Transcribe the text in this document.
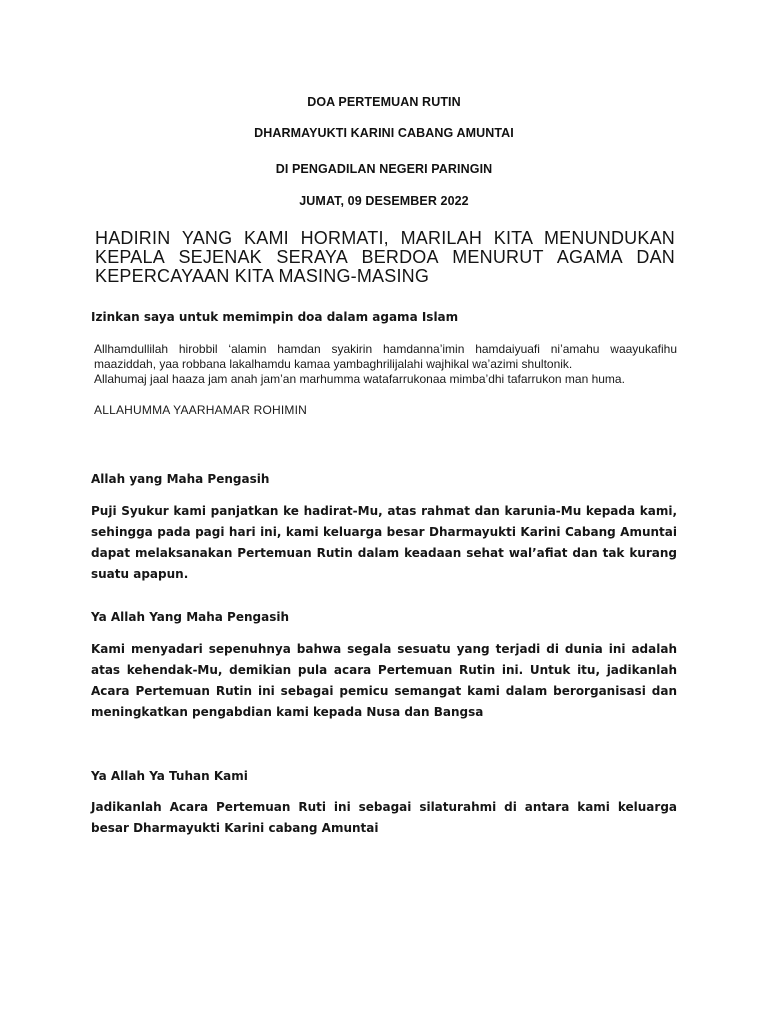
DOA PERTEMUAN RUTIN
DHARMAYUKTI KARINI CABANG AMUNTAI
DI PENGADILAN NEGERI PARINGIN
JUMAT, 09 DESEMBER 2022
HADIRIN YANG KAMI HORMATI, MARILAH KITA MENUNDUKAN KEPALA SEJENAK SERAYA BERDOA MENURUT AGAMA DAN KEPERCAYAAN KITA MASING-MASING
Izinkan saya untuk memimpin doa dalam agama Islam
Allhamdullilah hirobbil ‘alamin hamdan syakirin hamdanna’imin hamdaiyuafi ni’amahu waayukafihu maaziddah, yaa robbana lakalhamdu kamaa yambaghrilijalahi wajhikal wa’azimi shultonik.
Allahumaj jaal haaza jam anah jam’an marhumma watafarrukonaa mimba’dhi tafarrukon man huma.
ALLAHUMMA YAARHAMAR ROHIMIN
Allah yang Maha Pengasih
Puji Syukur kami panjatkan ke hadirat-Mu, atas rahmat dan karunia-Mu kepada kami, sehingga pada pagi hari ini, kami keluarga besar Dharmayukti Karini Cabang Amuntai dapat melaksanakan Pertemuan Rutin dalam keadaan sehat wal’afiat dan tak kurang suatu apapun.
Ya Allah Yang Maha Pengasih
Kami menyadari sepenuhnya bahwa segala sesuatu yang terjadi di dunia ini adalah atas kehendak-Mu, demikian pula acara Pertemuan Rutin ini. Untuk itu, jadikanlah Acara Pertemuan Rutin ini sebagai pemicu semangat kami dalam berorganisasi dan meningkatkan pengabdian kami kepada Nusa dan Bangsa
Ya Allah Ya Tuhan Kami
Jadikanlah Acara Pertemuan Ruti ini sebagai silaturahmi di antara kami keluarga besar Dharmayukti Karini cabang Amuntai
